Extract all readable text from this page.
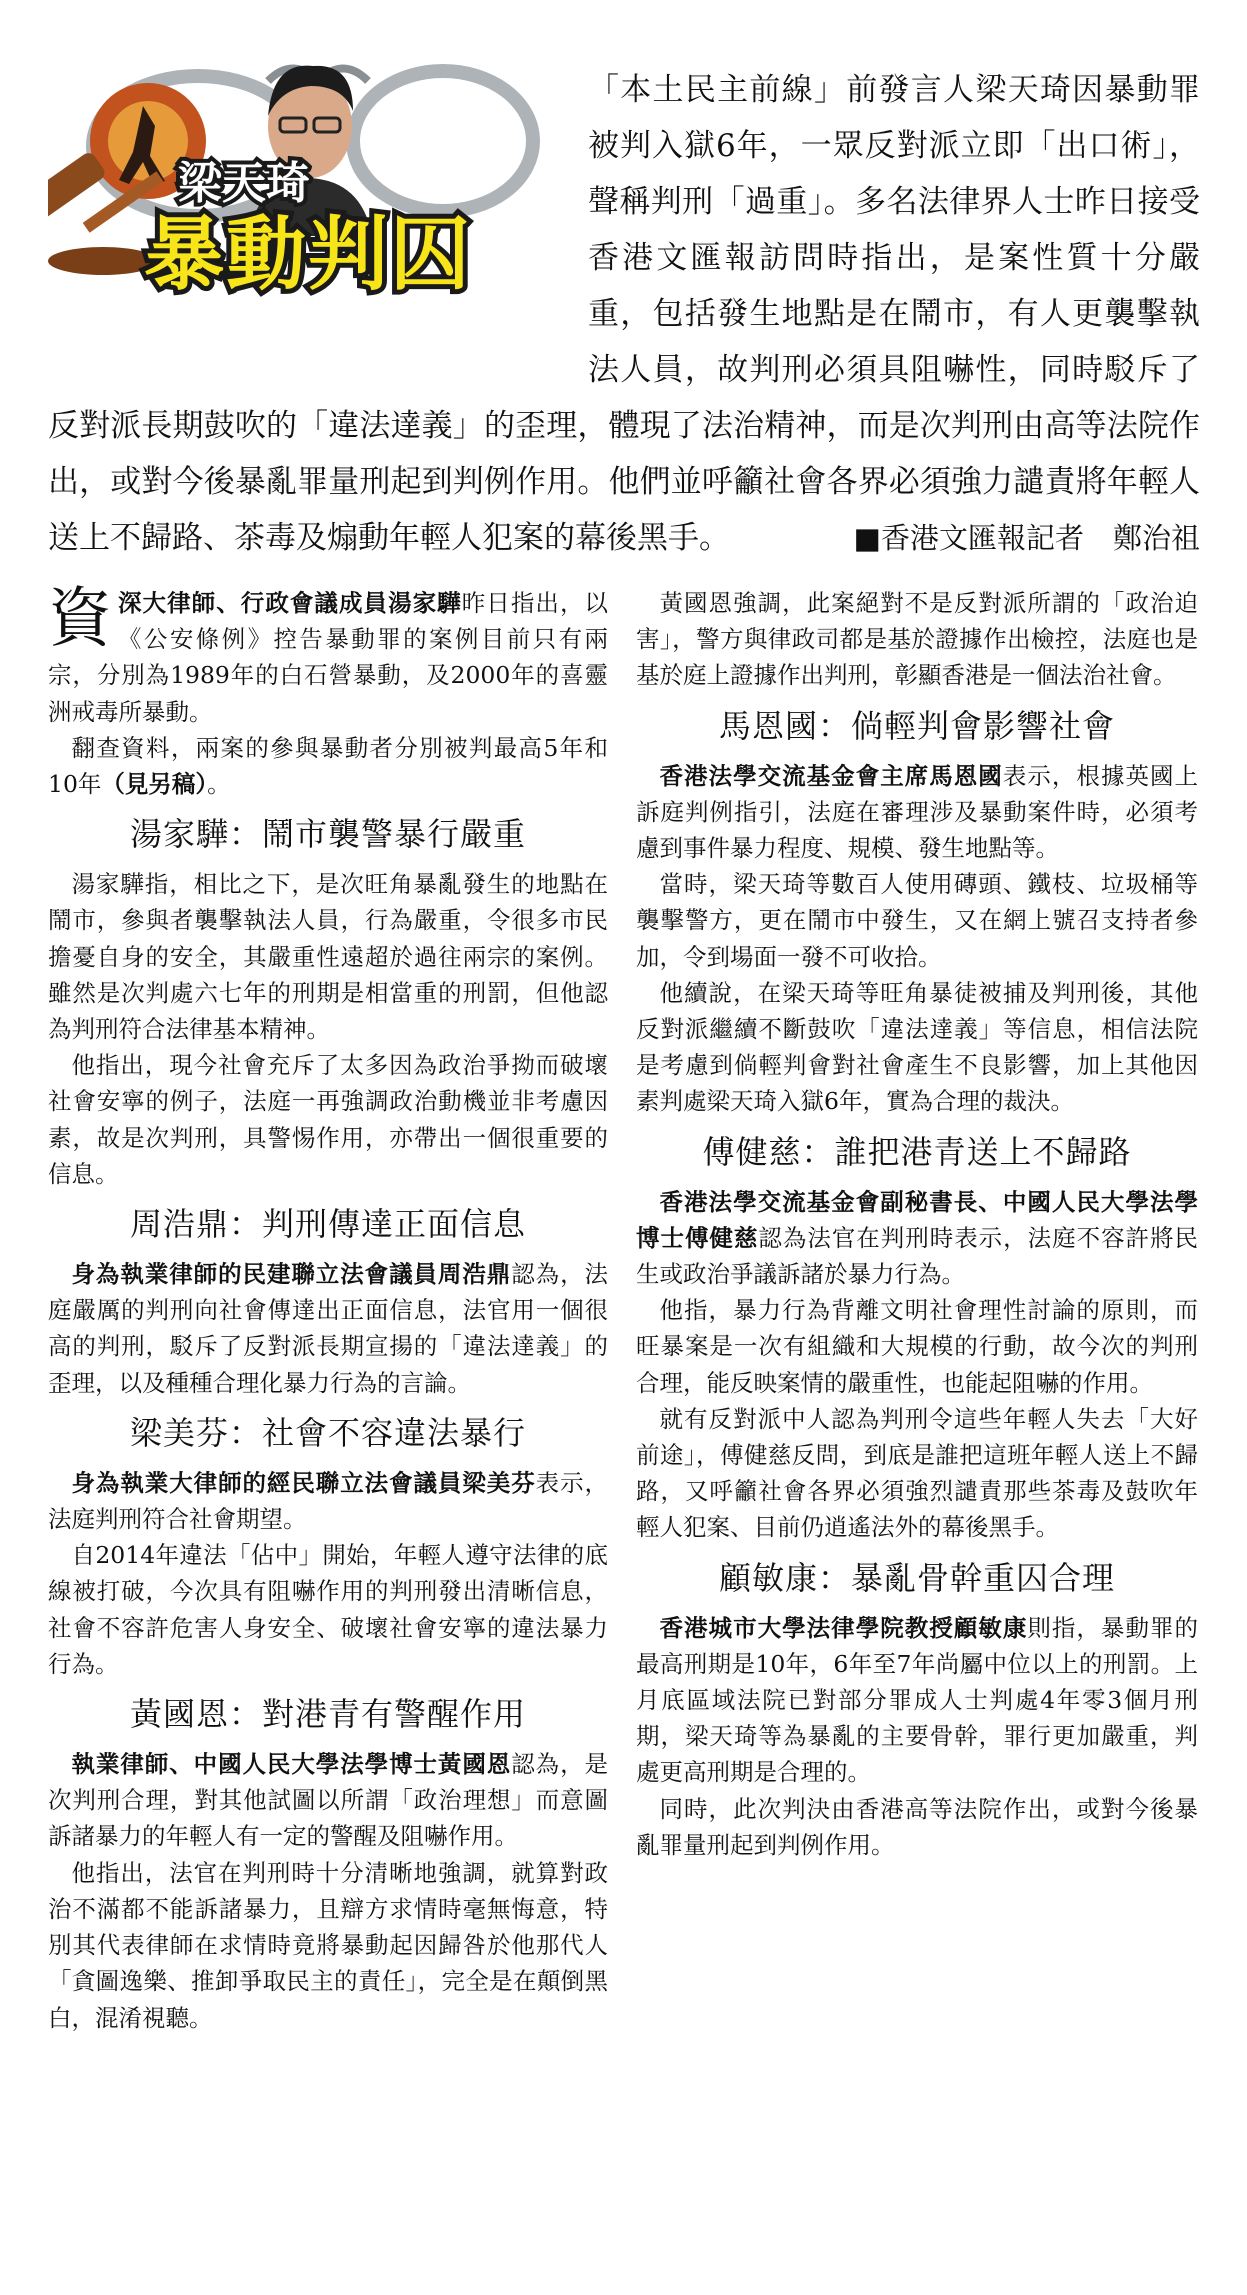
梁天琦
暴動判囚
「本土民主前線」前發言人梁天琦因暴動罪被判入獄6年，一眾反對派立即「出口術」，聲稱判刑「過重」。多名法律界人士昨日接受香港文匯報訪問時指出，是案性質十分嚴重，包括發生地點是在鬧市，有人更襲擊執法人員，故判刑必須具阻嚇性，同時駁斥了反對派長期鼓吹的「違法達義」的歪理，體現了法治精神，而是次判刑由高等法院作出，或對今後暴亂罪量刑起到判例作用。他們並呼籲社會各界必須強力譴責將年輕人送上不歸路、茶毒及煽動年輕人犯案的幕後黑手。	■香港文匯報記者　鄭治祖

資深大律師、行政會議成員湯家驊昨日指出，以《公安條例》控告暴動罪的案例目前只有兩宗，分別為1989年的白石營暴動，及2000年的喜靈洲戒毒所暴動。

翻查資料，兩案的參與暴動者分別被判最高5年和10年（見另稿）。

湯家驊：鬧市襲警暴行嚴重

湯家驊指，相比之下，是次旺角暴亂發生的地點在鬧市，參與者襲擊執法人員，行為嚴重，令很多市民擔憂自身的安全，其嚴重性遠超於過往兩宗的案例。雖然是次判處六七年的刑期是相當重的刑罰，但他認為判刑符合法律基本精神。

他指出，現今社會充斥了太多因為政治爭拗而破壞社會安寧的例子，法庭一再強調政治動機並非考慮因素，故是次判刑，具警惕作用，亦帶出一個很重要的信息。

周浩鼎：判刑傳達正面信息

身為執業律師的民建聯立法會議員周浩鼎認為，法庭嚴厲的判刑向社會傳達出正面信息，法官用一個很高的判刑，駁斥了反對派長期宣揚的「違法達義」的歪理，以及種種合理化暴力行為的言論。

梁美芬：社會不容違法暴行

身為執業大律師的經民聯立法會議員梁美芬表示，法庭判刑符合社會期望。

自2014年違法「佔中」開始，年輕人遵守法律的底線被打破，今次具有阻嚇作用的判刑發出清晰信息，社會不容許危害人身安全、破壞社會安寧的違法暴力行為。

黃國恩：對港青有警醒作用

執業律師、中國人民大學法學博士黃國恩認為，是次判刑合理，對其他試圖以所謂「政治理想」而意圖訴諸暴力的年輕人有一定的警醒及阻嚇作用。

他指出，法官在判刑時十分清晰地強調，就算對政治不滿都不能訴諸暴力，且辯方求情時毫無悔意，特別其代表律師在求情時竟將暴動起因歸咎於他那代人「貪圖逸樂、推卸爭取民主的責任」，完全是在顛倒黑白，混淆視聽。

黃國恩強調，此案絕對不是反對派所謂的「政治迫害」，警方與律政司都是基於證據作出檢控，法庭也是基於庭上證據作出判刑，彰顯香港是一個法治社會。

馬恩國：倘輕判會影響社會

香港法學交流基金會主席馬恩國表示，根據英國上訴庭判例指引，法庭在審理涉及暴動案件時，必須考慮到事件暴力程度、規模、發生地點等。

當時，梁天琦等數百人使用磚頭、鐵枝、垃圾桶等襲擊警方，更在鬧市中發生，又在網上號召支持者參加，令到場面一發不可收拾。

他續說，在梁天琦等旺角暴徒被捕及判刑後，其他反對派繼續不斷鼓吹「違法達義」等信息，相信法院是考慮到倘輕判會對社會產生不良影響，加上其他因素判處梁天琦入獄6年，實為合理的裁決。

傅健慈：誰把港青送上不歸路

香港法學交流基金會副秘書長、中國人民大學法學博士傅健慈認為法官在判刑時表示，法庭不容許將民生或政治爭議訴諸於暴力行為。

他指，暴力行為背離文明社會理性討論的原則，而旺暴案是一次有組織和大規模的行動，故今次的判刑合理，能反映案情的嚴重性，也能起阻嚇的作用。

就有反對派中人認為判刑令這些年輕人失去「大好前途」，傅健慈反問，到底是誰把這班年輕人送上不歸路，又呼籲社會各界必須強烈譴責那些茶毒及鼓吹年輕人犯案、目前仍逍遙法外的幕後黑手。

顧敏康：暴亂骨幹重囚合理

香港城市大學法律學院教授顧敏康則指，暴動罪的最高刑期是10年，6年至7年尚屬中位以上的刑罰。上月底區域法院已對部分罪成人士判處4年零3個月刑期，梁天琦等為暴亂的主要骨幹，罪行更加嚴重，判處更高刑期是合理的。

同時，此次判決由香港高等法院作出，或對今後暴亂罪量刑起到判例作用。
